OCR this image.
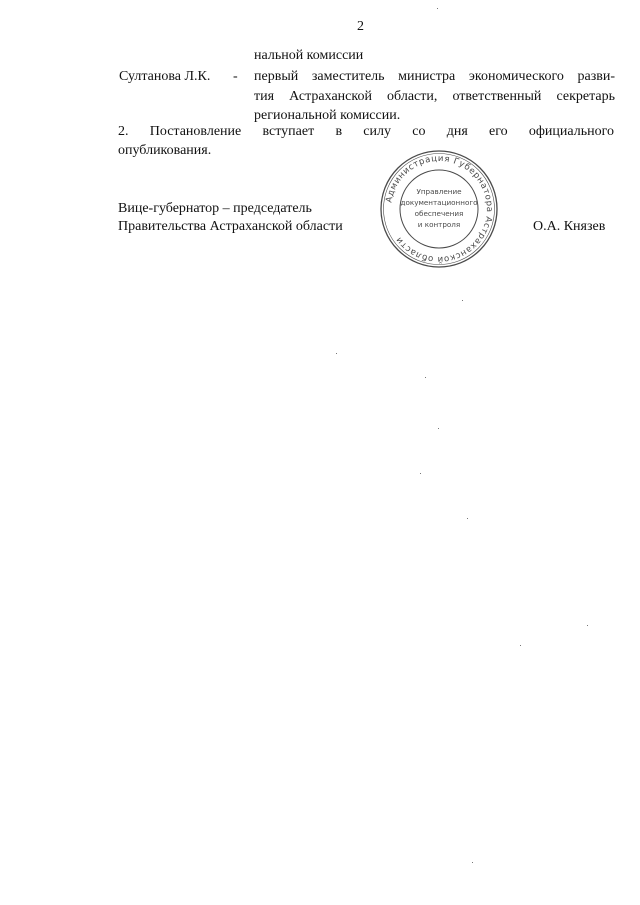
2
нальной комиссии
Султанова Л.К. - первый заместитель министра экономического разви-
тия Астраханской области, ответственный секретарь
региональной комиссии.
2. Постановление вступает в силу со дня его официального
опубликования.
Вице-губернатор – председатель
Правительства Астраханской области	О.А. Князев
Администрация Губернатора Астраханской области
Управление
документационного
обеспечения
и контроля
